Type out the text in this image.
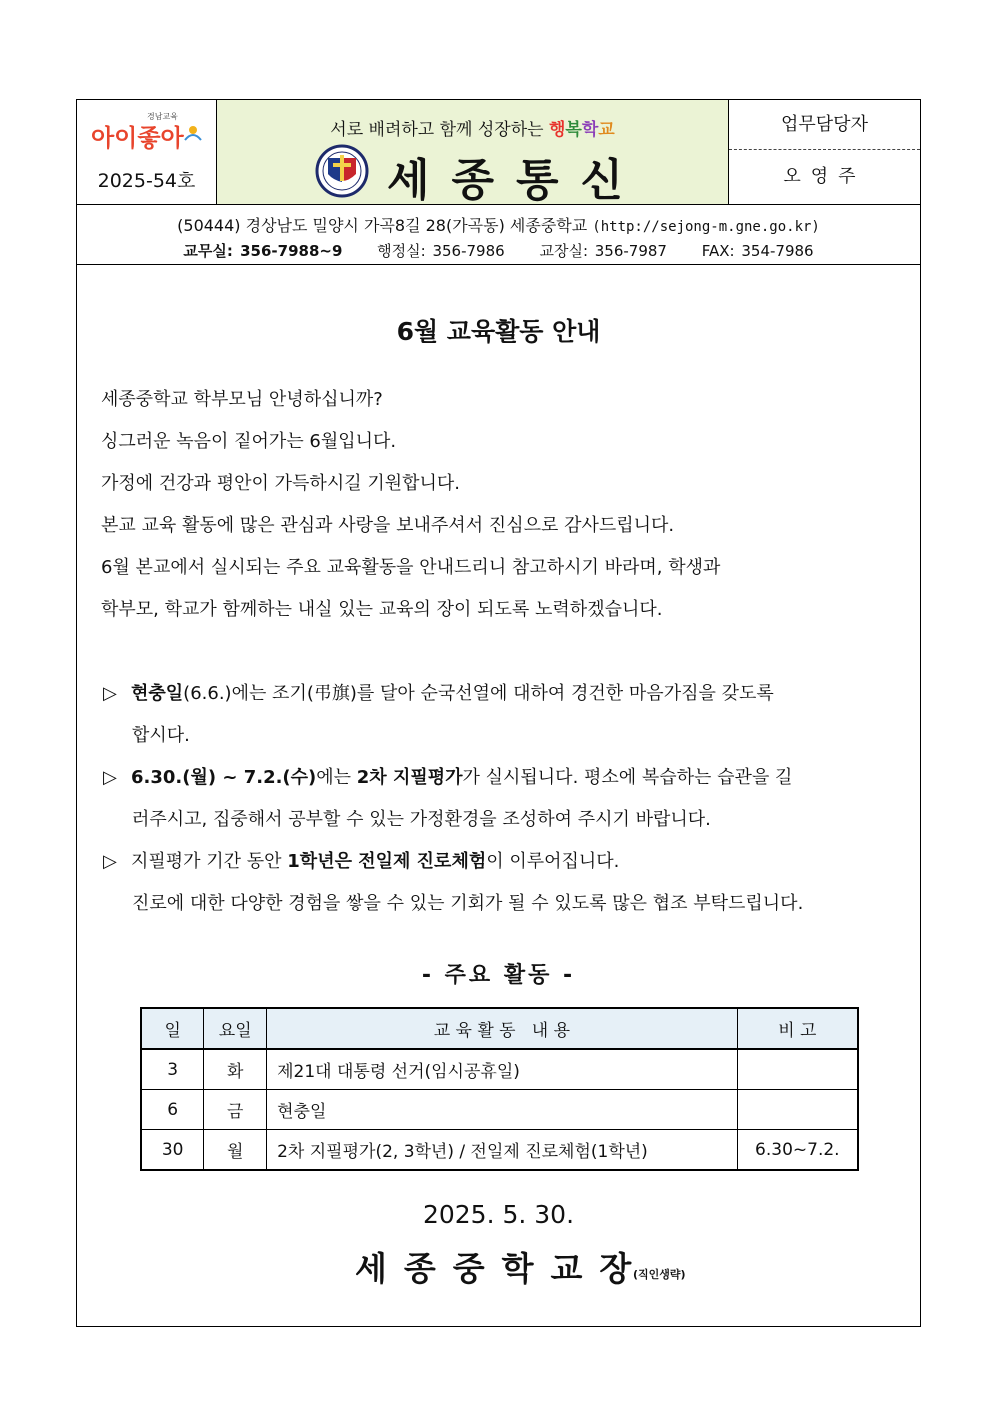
경남교육
아이좋아
2025-54호
서로 배려하고 함께 성장하는 행복학교
세종통신
업무담당자
오영주
(50444) 경상남도 밀양시 가곡8길 28(가곡동) 세종중학교 (http://sejong-m.gne.go.kr)
교무실: 356-7988~9 행정실: 356-7986 교장실: 356-7987 FAX: 354-7986
6월 교육활동 안내
세종중학교 학부모님 안녕하십니까?
싱그러운 녹음이 짙어가는 6월입니다.
가정에 건강과 평안이 가득하시길 기원합니다.
본교 교육 활동에 많은 관심과 사랑을 보내주셔서 진심으로 감사드립니다.
6월 본교에서 실시되는 주요 교육활동을 안내드리니 참고하시기 바라며, 학생과
학부모, 학교가 함께하는 내실 있는 교육의 장이 되도록 노력하겠습니다.
▷ 현충일(6.6.)에는 조기(弔旗)를 달아 순국선열에 대하여 경건한 마음가짐을 갖도록
합시다.
▷ 6.30.(월) ~ 7.2.(수)에는 2차 지필평가가 실시됩니다. 평소에 복습하는 습관을 길
러주시고, 집중해서 공부할 수 있는 가정환경을 조성하여 주시기 바랍니다.
▷ 지필평가 기간 동안 1학년은 전일제 진로체험이 이루어집니다.
진로에 대한 다양한 경험을 쌓을 수 있는 기회가 될 수 있도록 많은 협조 부탁드립니다.
- 주요 활동 -
일	요일	교 육 활 동   내 용	비 고
3	화	제21대 대통령 선거(임시공휴일)	
6	금	현충일	
30	월	2차 지필평가(2, 3학년) / 전일제 진로체험(1학년)	6.30~7.2.
2025. 5. 30.
세종중학교장
(직인생략)
